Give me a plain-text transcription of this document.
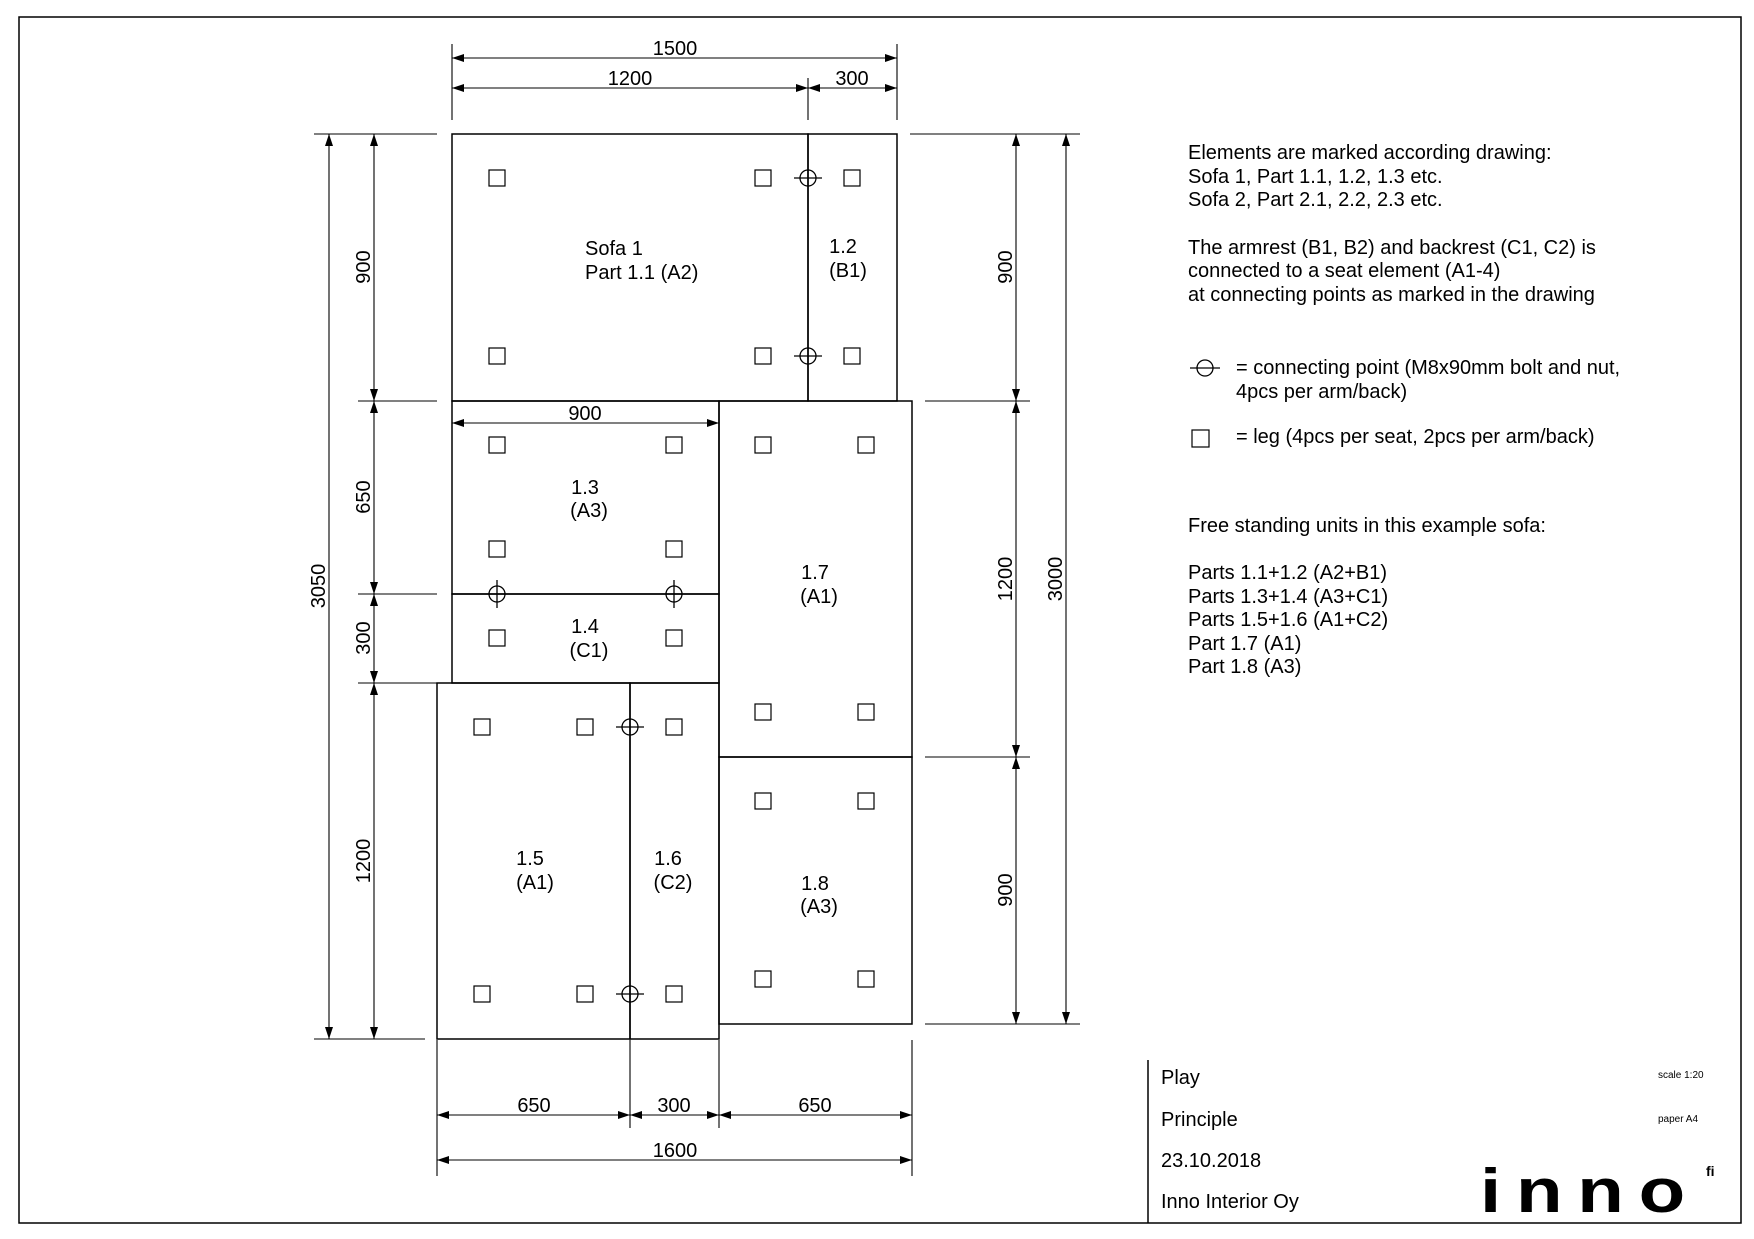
Sofa 1
Part 1.1 (A2)
1.2
(B1)
1.3
(A3)
1.4
(C1)
1.5
(A1)
1.6
(C2)
1.7
(A1)
1.8
(A3)
1500
1200	300
900
3050
900
650
300
1200
900
1200
900
3000
650	300	650
1600
Play
Principle
23.10.2018
Inno Interior Oy
scale 1:20
paper A4
inno fi
Elements are marked according drawing:
Sofa 1, Part 1.1, 1.2, 1.3 etc.
Sofa 2, Part 2.1, 2.2, 2.3 etc.
The armrest (B1, B2) and backrest (C1, C2) is
connected to a seat element (A1-4)
at connecting points as marked in the drawing
= connecting point (M8x90mm bolt and nut,
4pcs per arm/back)
= leg (4pcs per seat, 2pcs per arm/back)
Free standing units in this example sofa:
Parts 1.1+1.2 (A2+B1)
Parts 1.3+1.4 (A3+C1)
Parts 1.5+1.6 (A1+C2)
Part 1.7 (A1)
Part 1.8 (A3)
